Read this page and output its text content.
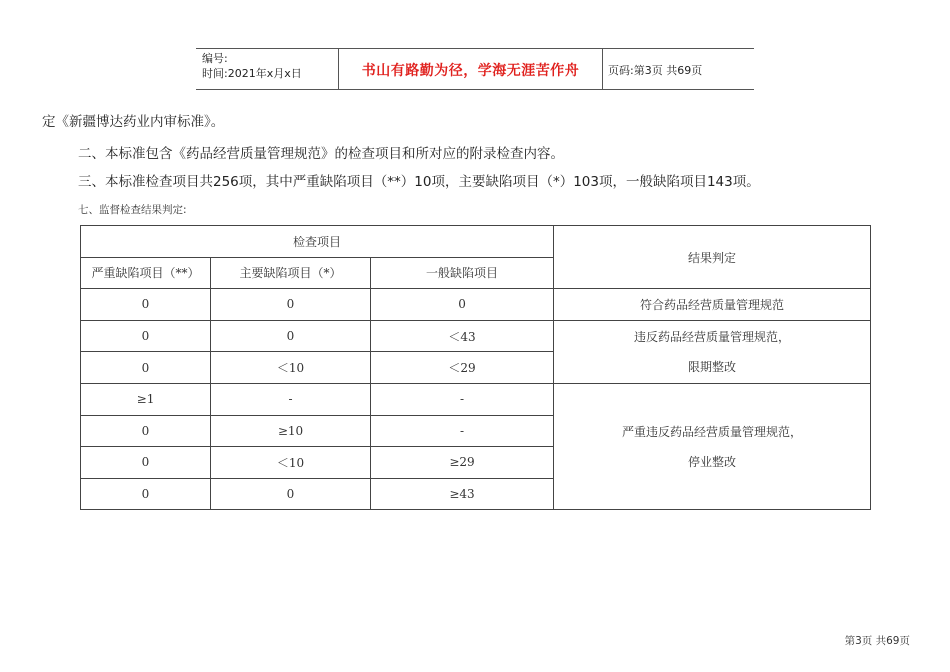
编号:
时间:2021年x月x日	书山有路勤为径，学海无涯苦作舟	页码:第3页 共69页
定《新疆博达药业内审标准》。
二、本标准包含《药品经营质量管理规范》的检查项目和所对应的附录检查内容。
三、本标准检查项目共256项，其中严重缺陷项目（**）10项，主要缺陷项目（*）103项，一般缺陷项目143项。
七、监督检查结果判定:
检查项目			结果判定
严重缺陷项目（**）	主要缺陷项目（*）	一般缺陷项目	
0	0	0	符合药品经营质量管理规范
0	0	＜43	违反药品经营质量管理规范，
限期整改

0	＜10	＜29	
≥1	-	-	严重违反药品经营质量管理规范，
停业整改

0	≥10	-	
0	＜10	≥29	
0	0	≥43	
第3页 共69页
